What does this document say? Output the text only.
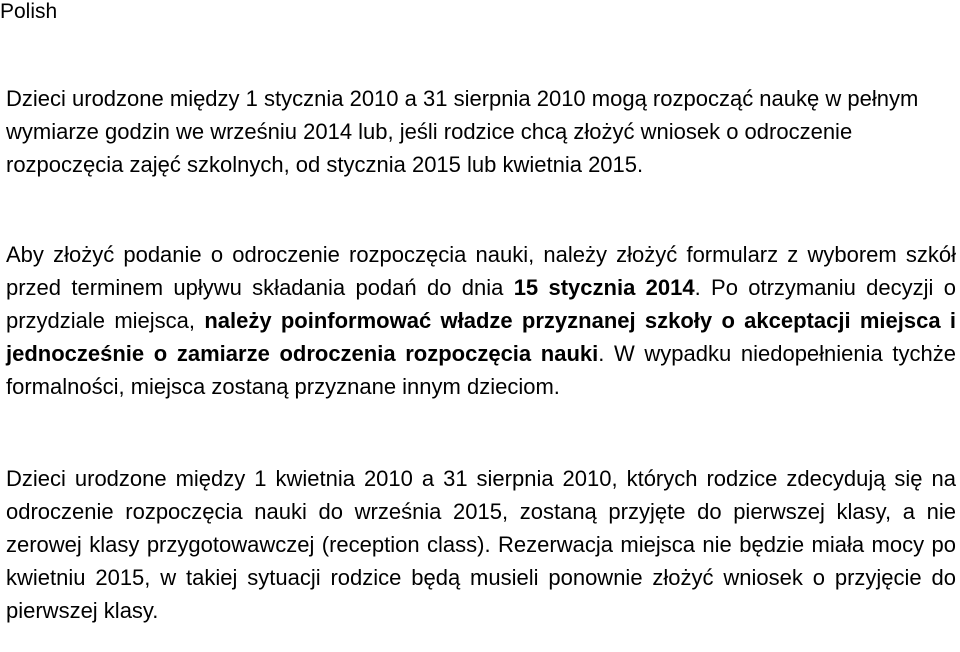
Polish

Dzieci urodzone między 1 stycznia 2010 a 31 sierpnia 2010 mogą rozpocząć naukę w pełnym wymiarze godzin we wrześniu 2014 lub, jeśli rodzice chcą złożyć wniosek o odroczenie rozpoczęcia zajęć szkolnych, od stycznia 2015 lub kwietnia 2015.

Aby złożyć podanie o odroczenie rozpoczęcia nauki, należy złożyć formularz z wyborem szkół przed terminem upływu składania podań do dnia 15 stycznia 2014. Po otrzymaniu decyzji o przydziale miejsca, należy poinformować władze przyznanej szkoły o akceptacji miejsca i jednocześnie o zamiarze odroczenia rozpoczęcia nauki. W wypadku niedopełnienia tychże formalności, miejsca zostaną przyznane innym dzieciom.

Dzieci urodzone między 1 kwietnia 2010 a 31 sierpnia 2010, których rodzice zdecydują się na odroczenie rozpoczęcia nauki do września 2015, zostaną przyjęte do pierwszej klasy, a nie zerowej klasy przygotowawczej (reception class). Rezerwacja miejsca nie będzie miała mocy po kwietniu 2015, w takiej sytuacji rodzice będą musieli ponownie złożyć wniosek o przyjęcie do pierwszej klasy.
